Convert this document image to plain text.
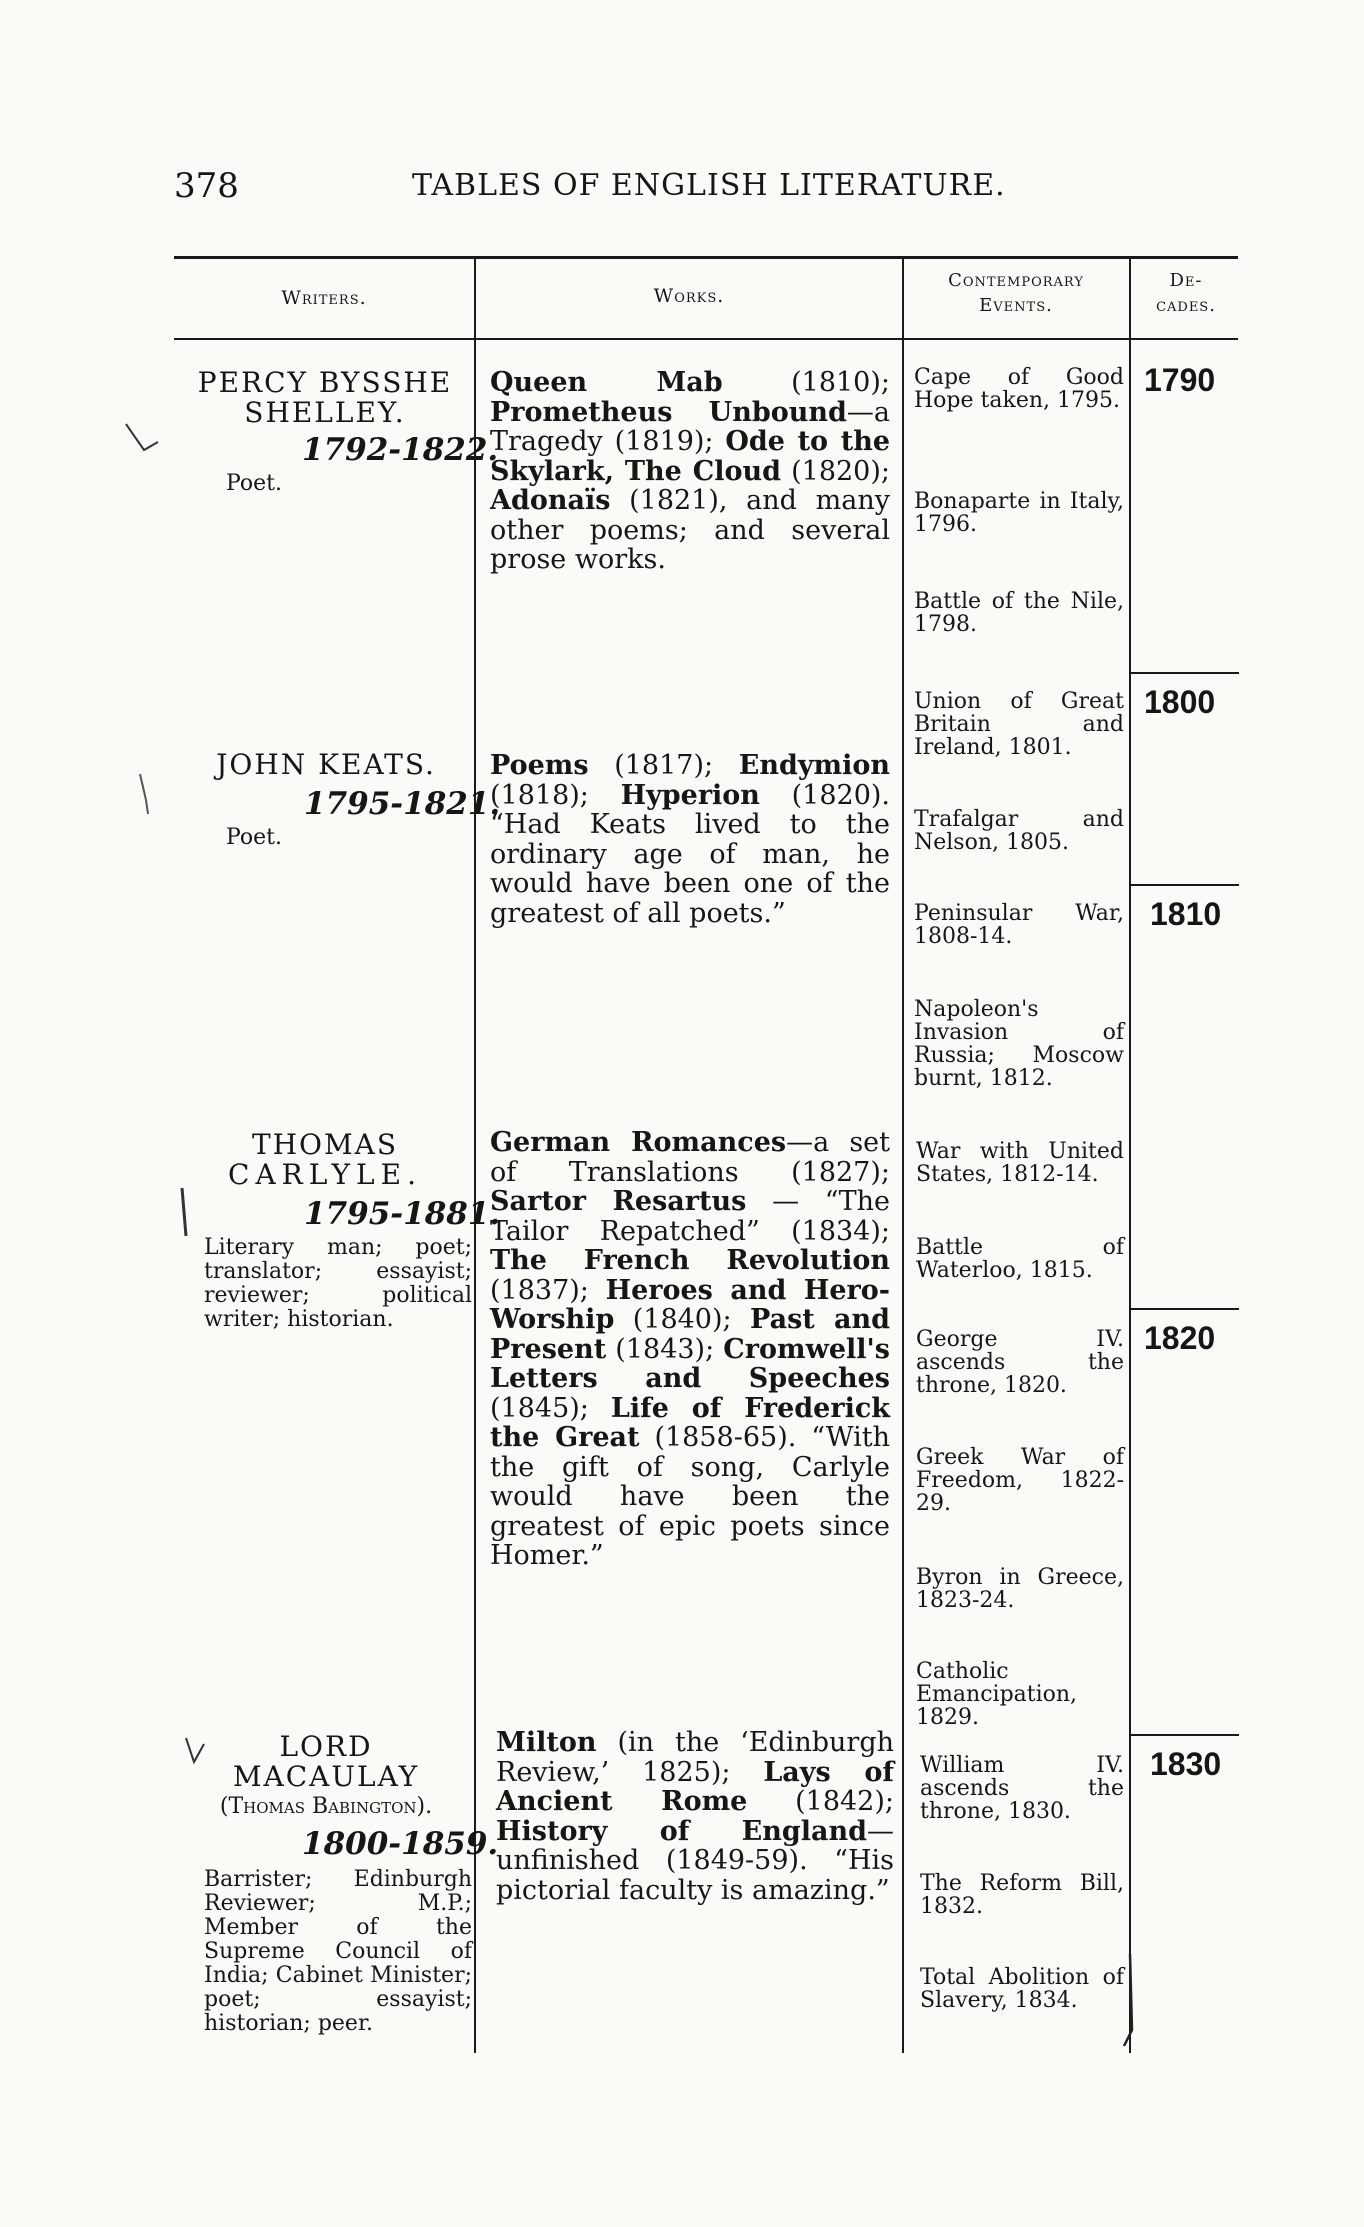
378	TABLES OF ENGLISH LITERATURE.
Writers.	Works.
Contemporary
Events.
De-
cades.
PERCY BYSSHE
SHELLEY.
1792-1822.
Poet.
Queen Mab (1810); Prometheus Unbound—a Tragedy (1819); Ode to the Skylark, The Cloud (1820); Adonaïs (1821), and many other poems; and several prose works.
JOHN KEATS.
1795-1821.
Poet.
Poems (1817); Endymion (1818); Hyperion (1820). “Had Keats lived to the ordinary age of man, he would have been one of the greatest of all poets.”
THOMAS
CARLYLE.
1795-1881.
Literary man; poet; translator; essayist; reviewer; political writer; historian.
German Romances—a set of Translations (1827); Sartor Resartus — “The Tailor Repatched” (1834); The French Revolution (1837); Heroes and Hero-Worship (1840); Past and Present (1843); Cromwell's Letters and Speeches (1845); Life of Frederick the Great (1858-65). “With the gift of song, Carlyle would have been the greatest of epic poets since Homer.”
LORD
MACAULAY
(Thomas Babington).
1800-1859.
Barrister; Edinburgh Reviewer; M.P.; Member of the Supreme Council of India; Cabinet Minister; poet; essayist; historian; peer.
Milton (in the ‘Edinburgh Review,’ 1825); Lays of Ancient Rome (1842); History of England—unfinished (1849-59). “His pictorial faculty is amazing.”
Cape of Good Hope taken, 1795.
Bonaparte in Italy, 1796.
Battle of the Nile, 1798.
Union of Great Britain and Ireland, 1801.
Trafalgar and Nelson, 1805.
Peninsular War, 1808-14.
Napoleon's Invasion of Russia; Moscow burnt, 1812.
War with United States, 1812-14.
Battle of Waterloo, 1815.
George IV. ascends the throne, 1820.
Greek War of Freedom, 1822-29.
Byron in Greece, 1823-24.
Catholic Emancipation, 1829.
William IV. ascends the throne, 1830.
The Reform Bill, 1832.
Total Abolition of Slavery, 1834.
1790
1800
1810
1820
1830
